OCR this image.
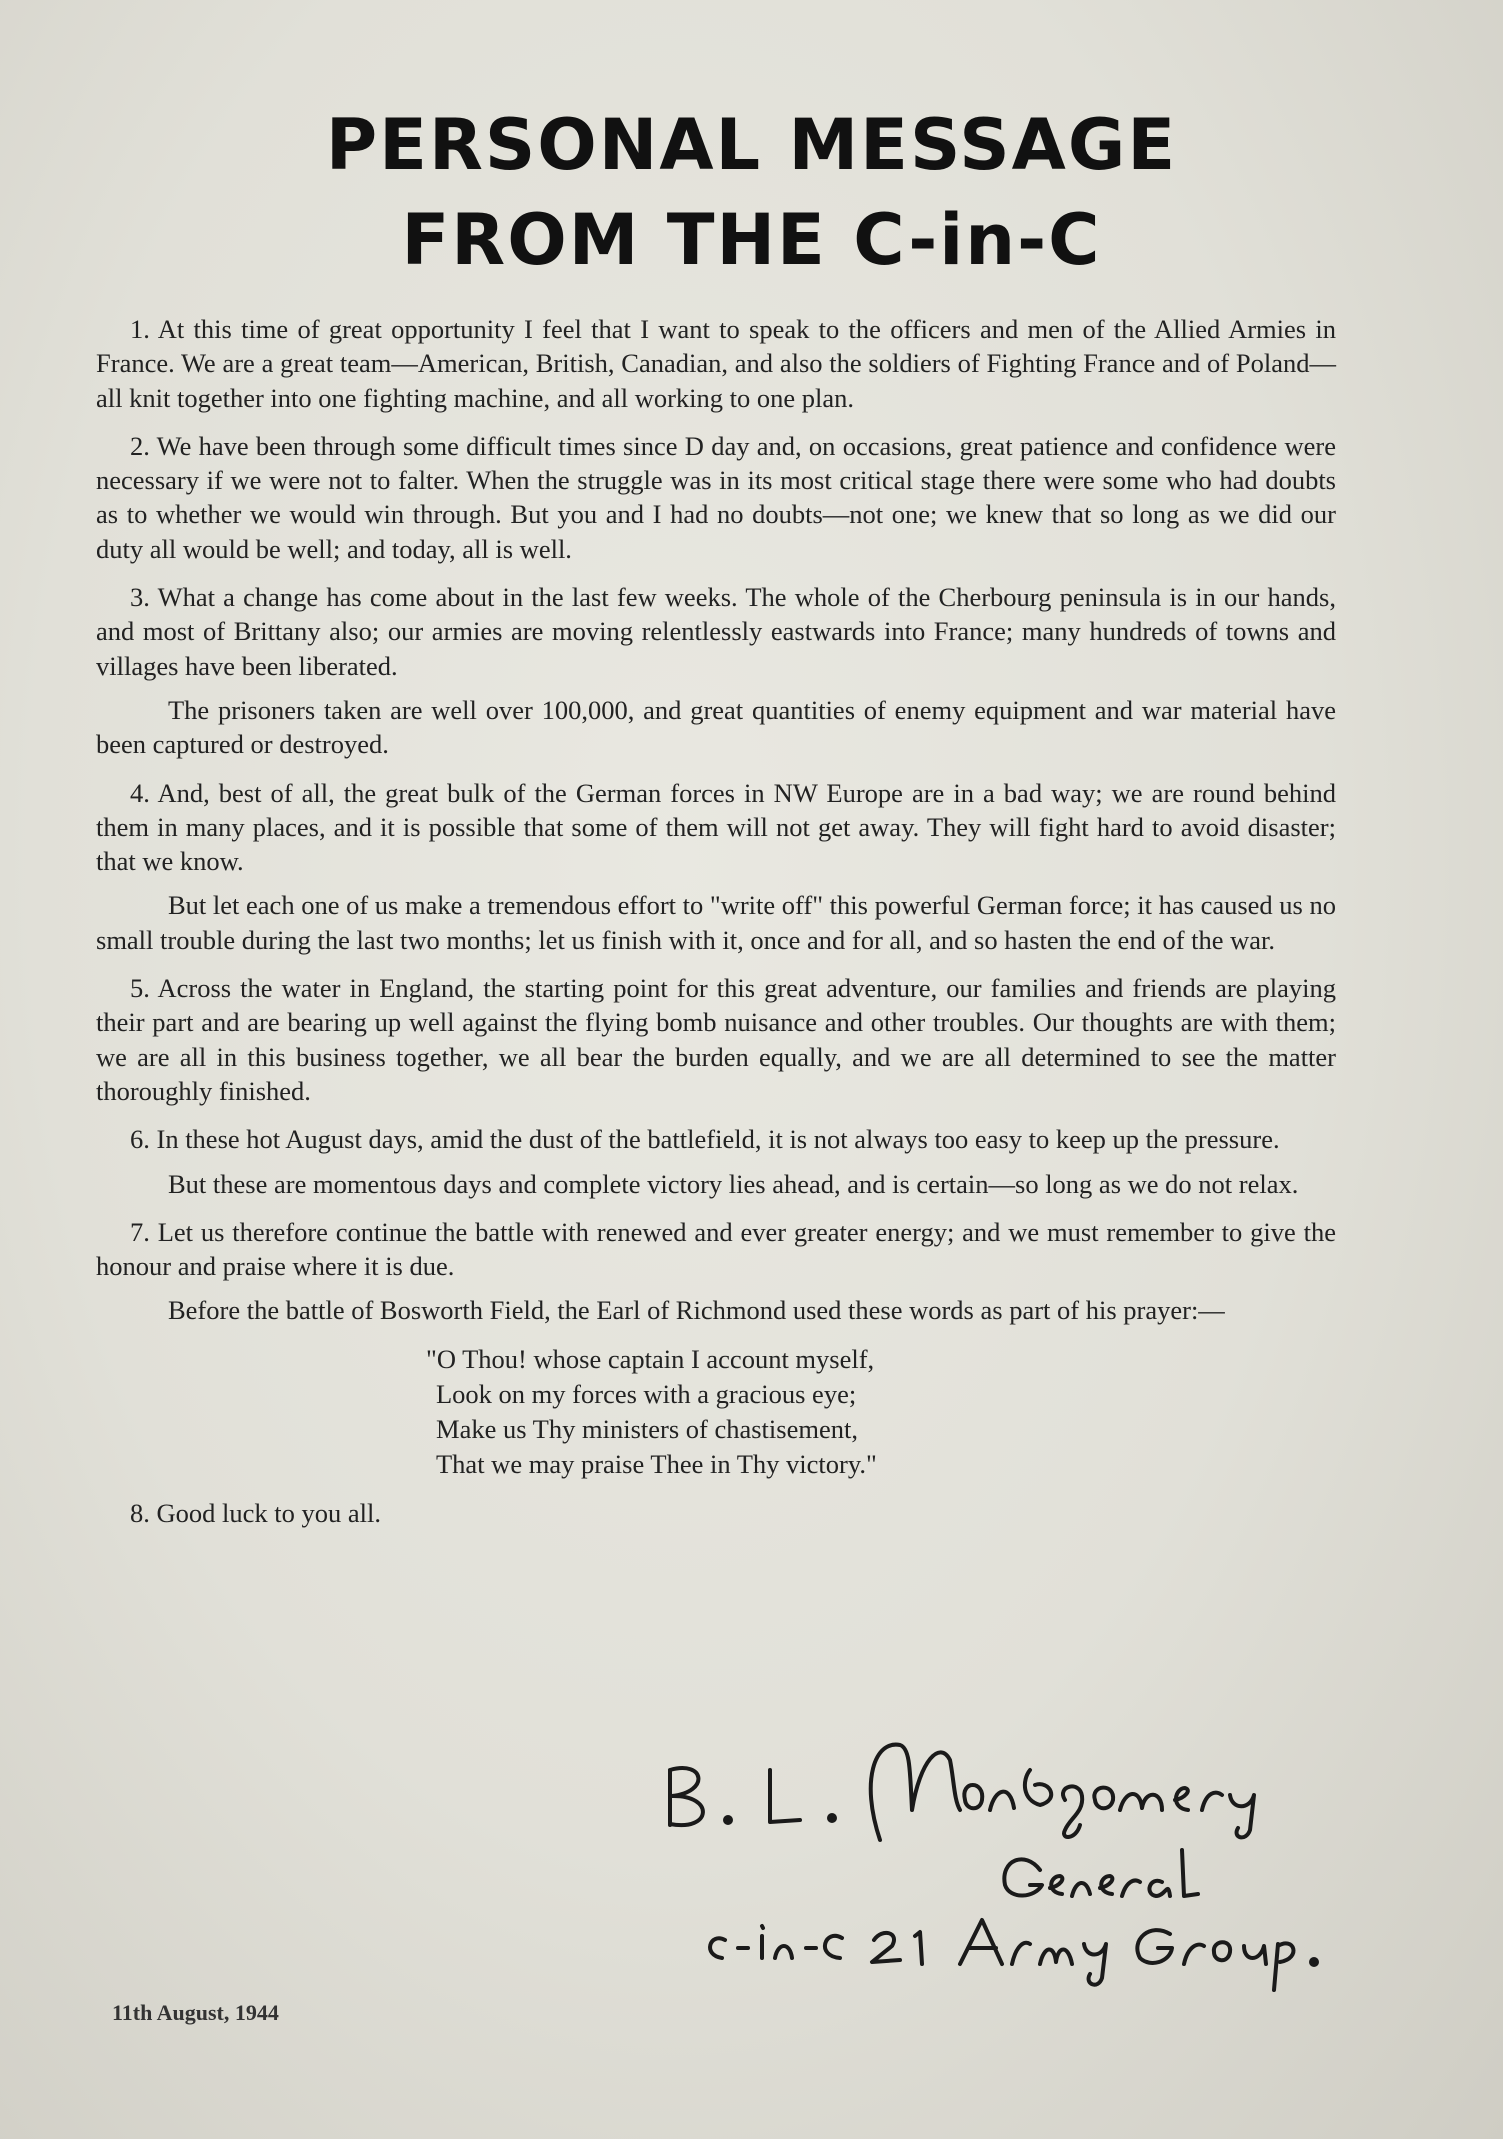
PERSONAL MESSAGE
FROM THE C-in-C

1. At this time of great opportunity I feel that I want to speak to the officers and men of the Allied Armies in France. We are a great team—American, British, Canadian, and also the soldiers of Fighting France and of Poland—all knit together into one fighting machine, and all working to one plan.

2. We have been through some difficult times since D day and, on occasions, great patience and confidence were necessary if we were not to falter. When the struggle was in its most critical stage there were some who had doubts as to whether we would win through. But you and I had no doubts—not one; we knew that so long as we did our duty all would be well; and today, all is well.

3. What a change has come about in the last few weeks. The whole of the Cherbourg peninsula is in our hands, and most of Brittany also; our armies are moving relentlessly eastwards into France; many hundreds of towns and villages have been liberated.

The prisoners taken are well over 100,000, and great quantities of enemy equipment and war material have been captured or destroyed.

4. And, best of all, the great bulk of the German forces in NW Europe are in a bad way; we are round behind them in many places, and it is possible that some of them will not get away. They will fight hard to avoid disaster; that we know.

But let each one of us make a tremendous effort to "write off" this powerful German force; it has caused us no small trouble during the last two months; let us finish with it, once and for all, and so hasten the end of the war.

5. Across the water in England, the starting point for this great adventure, our families and friends are playing their part and are bearing up well against the flying bomb nuisance and other troubles. Our thoughts are with them; we are all in this business together, we all bear the burden equally, and we are all determined to see the matter thoroughly finished.

6. In these hot August days, amid the dust of the battlefield, it is not always too easy to keep up the pressure.

But these are momentous days and complete victory lies ahead, and is certain—so long as we do not relax.

7. Let us therefore continue the battle with renewed and ever greater energy; and we must remember to give the honour and praise where it is due.

Before the battle of Bosworth Field, the Earl of Richmond used these words as part of his prayer:—

"O Thou! whose captain I account myself,
Look on my forces with a gracious eye;
Make us Thy ministers of chastisement,
That we may praise Thee in Thy victory."

8. Good luck to you all.

11th August, 1944
